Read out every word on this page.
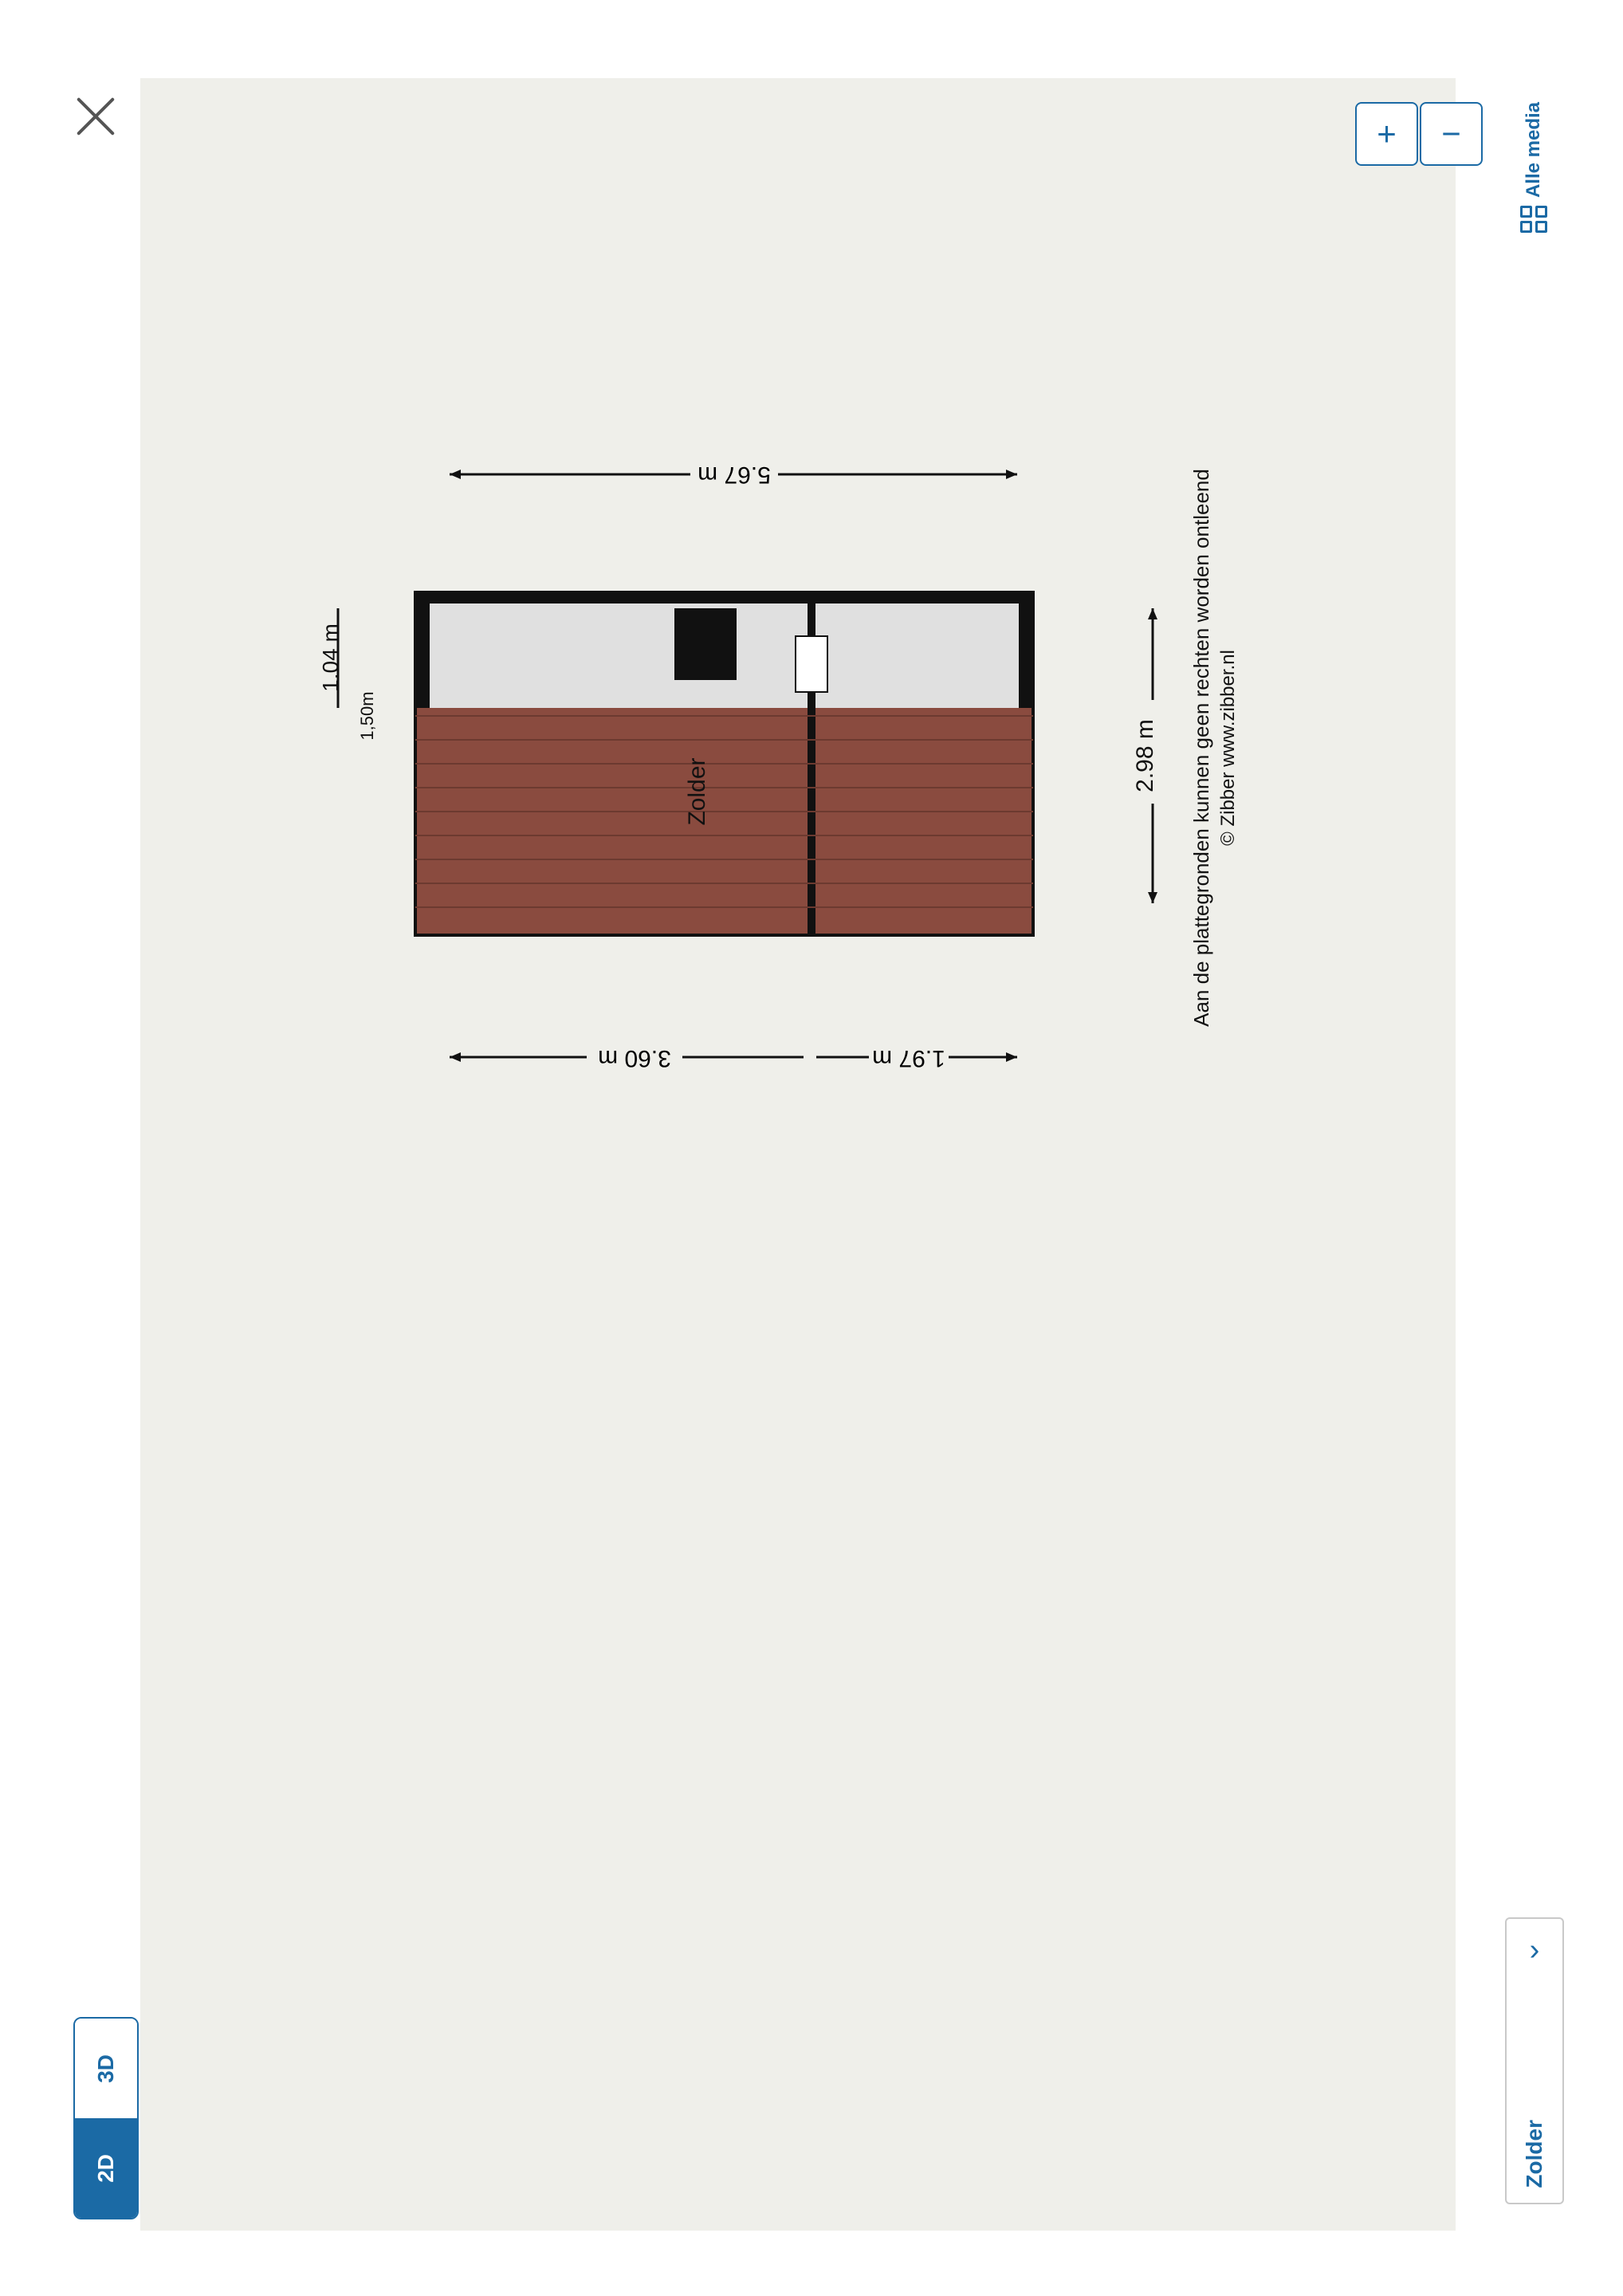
5.67 m
Zolder
1.04 m
1,50m
3.60 m	1.97 m
2.98 m Aan de plattegronden kunnen geen rechten worden ontleend © Zibber www.zibber.nl
+	−	Alle media
3D
2D
›
Zolder
